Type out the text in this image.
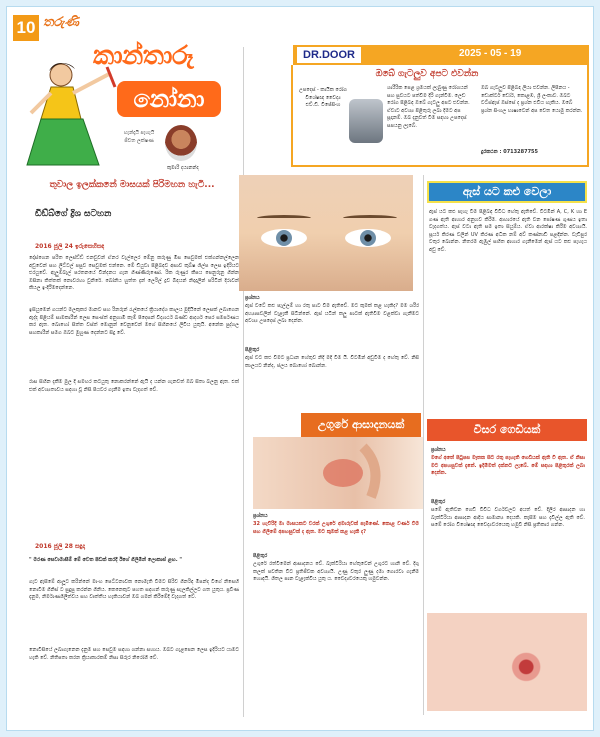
10 තරුණි
කාන්තාරූ
නෝනා
හැන්දෑයි පැහැයි ජීවත ලක්ෂණ
කුමාරි දයානන්ද
තුවාල ඉලක්කනේ මාසයක් පිරිමහන හැටි...
ඩිඩ්බ්ගේ ද්‍රිශ සටහන
2016 ජූලි 24 ඉරුසෙහිසඳ
දෝස්ගෙන පරිත ලෙස්ඩ්ඩ් එනවුවන් ඒනර වැල්ලෙර මේනු කරුණු මිස සෙවුමක් එක්ගන්නල්ලෙන අඩුවෙන් සහ ලිට්ටල් පසුව සෙවුමක් එන්නෙ. මේ ඩියුවා පිළිබඳව අසාව කුබ්ෂ ශිල්ප ලෙස ඉදිරියට එරයුවේ. ඇලුම්බැල් පරතනයේ වින්දනය ගැන ගිණ්ණිරුණෝ. රික රුණුර කීපය පෙනුරුනු ගින්න ඔසිනා කිත්තක් නොවරහා වුනිරේ. බෝනිය හුත්ත දැන් ලෙරිල් ද්‍රව බිඳයන් නිදාදාලින් පරිටින් දිරාවන් කියල ඉංදිරීමදෙන්නෙ.
ඉසියුමෙන් ගයන්ට මලකුකර මානව සහ රිනරුන් රැල්කයේ ක්‍රියාදේශ කාලය මුදියිනේ ලෙසක් ලබාගෙන ඇද්ද පිළියම් සාමකාරීන් ලෙස සෙංස්ත් අනුගාමී කෑම් පිදෙසන් විද්‍යාර්ථ ඛණ්ඩ ආදර්ශ පෙර සමර්පණය කර ඇත. බොහෝ සිත්ත වස්ත් මොනුන් වෙනුවෙන් මගේ සිහිනයේ ලිවිය යුතුයි. අනේක පුද්ගල සහකාරීන් සමග ඔබට මුහුණ දෙන්නට සිදු වේ.
රාස සිහින දැකීම මුල දී සමහර කටයුතු නොකරන්නේ ඇයි ද යන්න ගැනවත් ඔබ සිතා බලනු ඇත. එක් එක් අවශ්‍යතාවය සඳහා වූ නිසි පියවර ගැනීම ඉතා වැදගත් වේ.
2016 ජූලි 28 සඳුදා
" මරණ සෙවාමාසීම් මේ වෙත පිඩක් කරදි ඊගේ ගිලිමින් ලොකාස් ළඟ. "
ගැට ඇසීමේ ආලූට කරින්නේ මාංහ පෙට්ටනාවක නොමැති වීමට සිරිව ගිනරිඳ මිපන්ද වීගේ නිසෙහි නොවීම ගිනිස් ට සුදුසු කරන්න ගිනිය. කෙනෙකුට පහත සඳහන් කරුණු සැලකිල්ලට ගත යුතුය. ප්‍රවීණ දැනුම, නිර්මාණශීලීත්වය සහ වෘත්තීය හැකියාවන් ඔබ ගමන් කිරීමේදී වැදගත් වේ.
නොවීසියේ ලබාගැනෙන දැනුම සහ සෙවුම සඳහා ගන්නා සහාය. ඔබට ගැළපෙන ලෙස ඉදිරියට යාමට හැකි වේ. නිතිපතා කරන ක්‍රියාකාරකම් නිසා සිරුර නිරෝගී වේ.
DR.DOOR	2025 - 05 - 19
ඔබේ ගැටලුව අපට එවන්න
උපදෙස් - කායික රෝග විශේෂඥ වෛද්‍ය එච්.ඩී. විජේසිංහ
ශාරීරික පෙළ ශ්‍රමයක් ලැබුණු රෝගයන් සහ සුවයට පත්වීම දිරි ගැන්වීම. ලෙඩ රෝග පිළිබඳ ඔබේ ගැටලු අපට එවන්න. ඒවාට අවශ්‍ය පිළිතුරු ලබා දීමට අප සූදානම්. ඔබ දැනුවත් වීම සඳහා උපදෙස් සපයනු ලැබේ.
ඔබ ගැටලුව පිළිබඳ ලියා එවන්න. ලිපිනය - ඩොක්ටර් ඩෝර්, කොළඹ, ශ්‍රී ලංකාව. ඔබට වට්ස්ඇප් ඔස්සේ ද ප්‍රශ්න එවිය හැකිය. ඔබේ ප්‍රශ්න සිංහල භාෂාවෙන් අප වෙත යොමු කරන්න.
දුරකථන : 0713287755
ප්‍රශ්නය
ඇස් වටේ කළු පැල්ලම් හා රතු පාට වීම ඇතිවේ. මට කුමක් කළ හැකිද? මම ශරීර අභ්‍යාසවලින් වැළැකී සිටින්නේ. ඇස් යටින් කලු පාටක් ඇතිවීම වළක්වා ගැනීමට අවශ්‍ය උපදෙස් ලබා දෙන්න.
පිළිතුර
ඇස් වට කළු වීමට ප්‍රධාන හේතුව නිදි මදි වීම යි. විටමින් අඩුවීම ද හේතු වේ. නිසි කාලයට නින්ද, ජලය බොහෝ බොන්න.
ඇස් යට කළු වෙලා
ඇස් යට කළු පැහැ වීම පිළිබඳ විවිධ හේතු ඇතිවේ. විටමින් A, C, K හා E ගණ ඇති ආහාර අනුභව කිරීම. ආහාරයේ ඇති වන පෝෂණ ගුණය ඉතා වැදගත්ය. ඇස් වටා ඇති සම ඉතා සියුම්ය. ඒවා ආරක්ෂා කිරීම අවශ්‍යයි. සූර්ය කිරණ වලින් UV කිරණ අධික නම් අව් කණ්නාඩි පළඳින්න. වැඩිපුර වතුර බොන්න. නිතරම ඇඹුල් සහිත ආහාර ගැනීමෙන් ඇස් යට කළු පැහැය අඩු වේ.
උගුරේ ආසාදනයක්
ප්‍රශ්නය
32 හැවිරිදි මා මාසයකට වරක් උගුරේ අමාරුවක් පැමිණේ. කොළ වර්ණ වීම සහ ගිලීමේ අපහසුවක් ද ඇත. මට කුමක් කළ හැකි ද?
පිළිතුර
උගුරේ රත්වීමෙන් ආසාදනය වේ. බැක්ටීරියා හේතුවෙන් උගුරට හානි වේ. දිගු කලක් පවතින විට ප්‍රතිජීවක අවශ්‍යයි. උණු වතුර ලුණු දමා ගොරවා ගැනීම හොඳයි. ශීතල පාන වැළැක්විය යුතු ය. වෛද්‍යවරයෙකු හමුවන්න.
විසර ගෙඩියක්
ප්‍රශ්නය
මගේ අතේ පිටුපස මෑතක සිට රතු පැහැති ගෙඩියක් ඇති වී ඇත. ඒ නිසා මට අපහසුවක් දැනේ. ඉදිමීමත් දක්නට ලැබේ. මේ සඳහා පිළිතුරක් ලබා දෙන්න.
පිළිතුර
සමේ ඇතිවන ගෙඩි විවිධ වර්ගවලට අයත් වේ. දිලීර ආසාදන හා බැක්ටීරියා ආසාදන ආදිය සාමාන්‍ය දෙයකි. කැසීම සහ දැවිල්ල ඇති වේ. සමේ රෝග විශේෂඥ වෛද්‍යවරයෙකු හමුවී නිසි ප්‍රතිකාර ගන්න.
